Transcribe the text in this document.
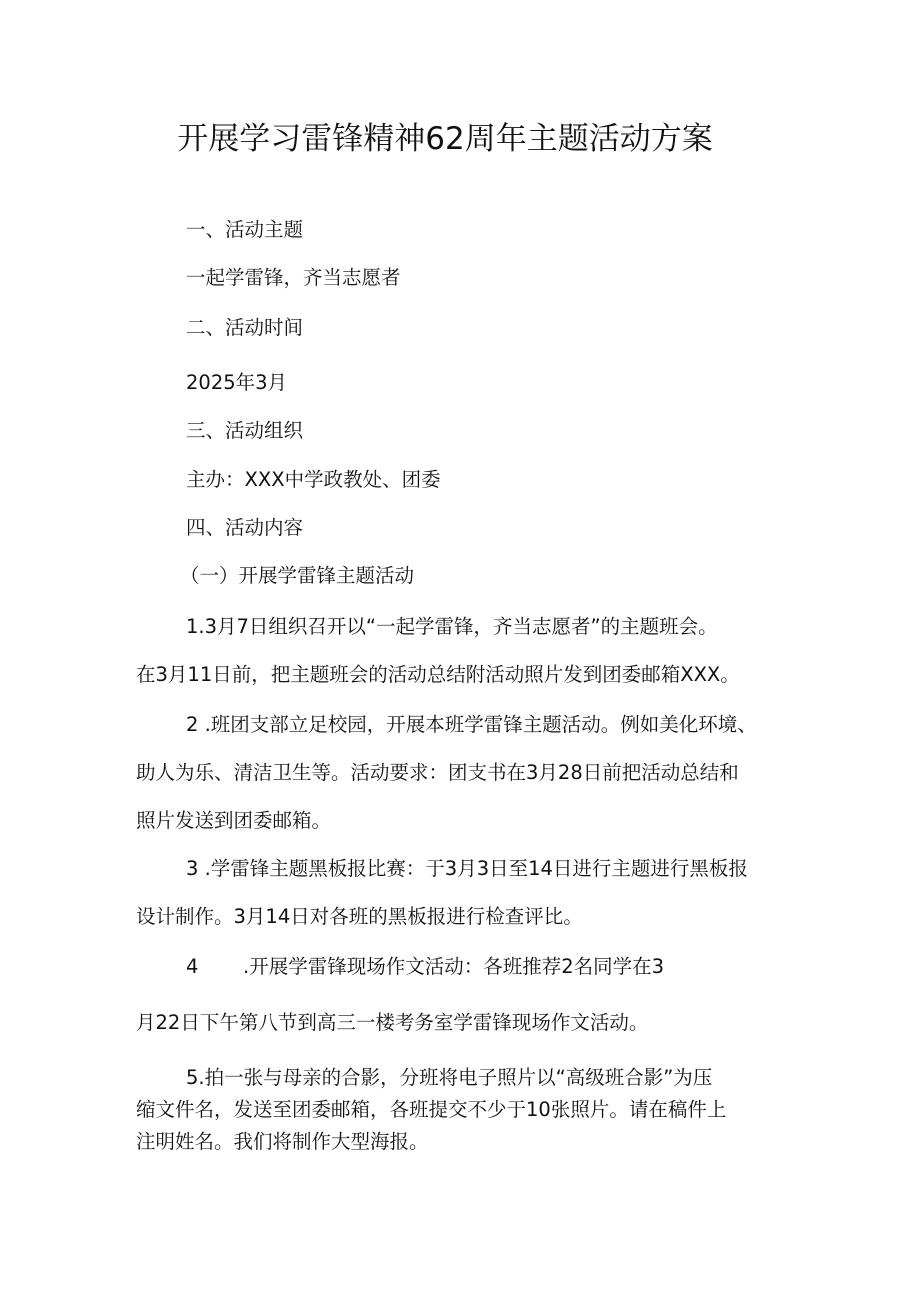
开展学习雷锋精神62周年主题活动方案
一、活动主题
一起学雷锋，齐当志愿者
二、活动时间
2025年3月
三、活动组织
主办：XXX中学政教处、团委
四、活动内容
（一）开展学雷锋主题活动
1.3月7日组织召开以“一起学雷锋，齐当志愿者”的主题班会。
在3月11日前，把主题班会的活动总结附活动照片发到团委邮箱XXX。
2 .班团支部立足校园，开展本班学雷锋主题活动。例如美化环境、
助人为乐、清洁卫生等。活动要求：团支书在3月28日前把活动总结和
照片发送到团委邮箱。
3 .学雷锋主题黑板报比赛：于3月3日至14日进行主题进行黑板报
设计制作。3月14日对各班的黑板报进行检查评比。
4 .开展学雷锋现场作文活动：各班推荐2名同学在3
月22日下午第八节到高三一楼考务室学雷锋现场作文活动。
5.拍一张与母亲的合影，分班将电子照片以“高级班合影”为压
缩文件名，发送至团委邮箱，各班提交不少于10张照片。请在稿件上
注明姓名。我们将制作大型海报。
